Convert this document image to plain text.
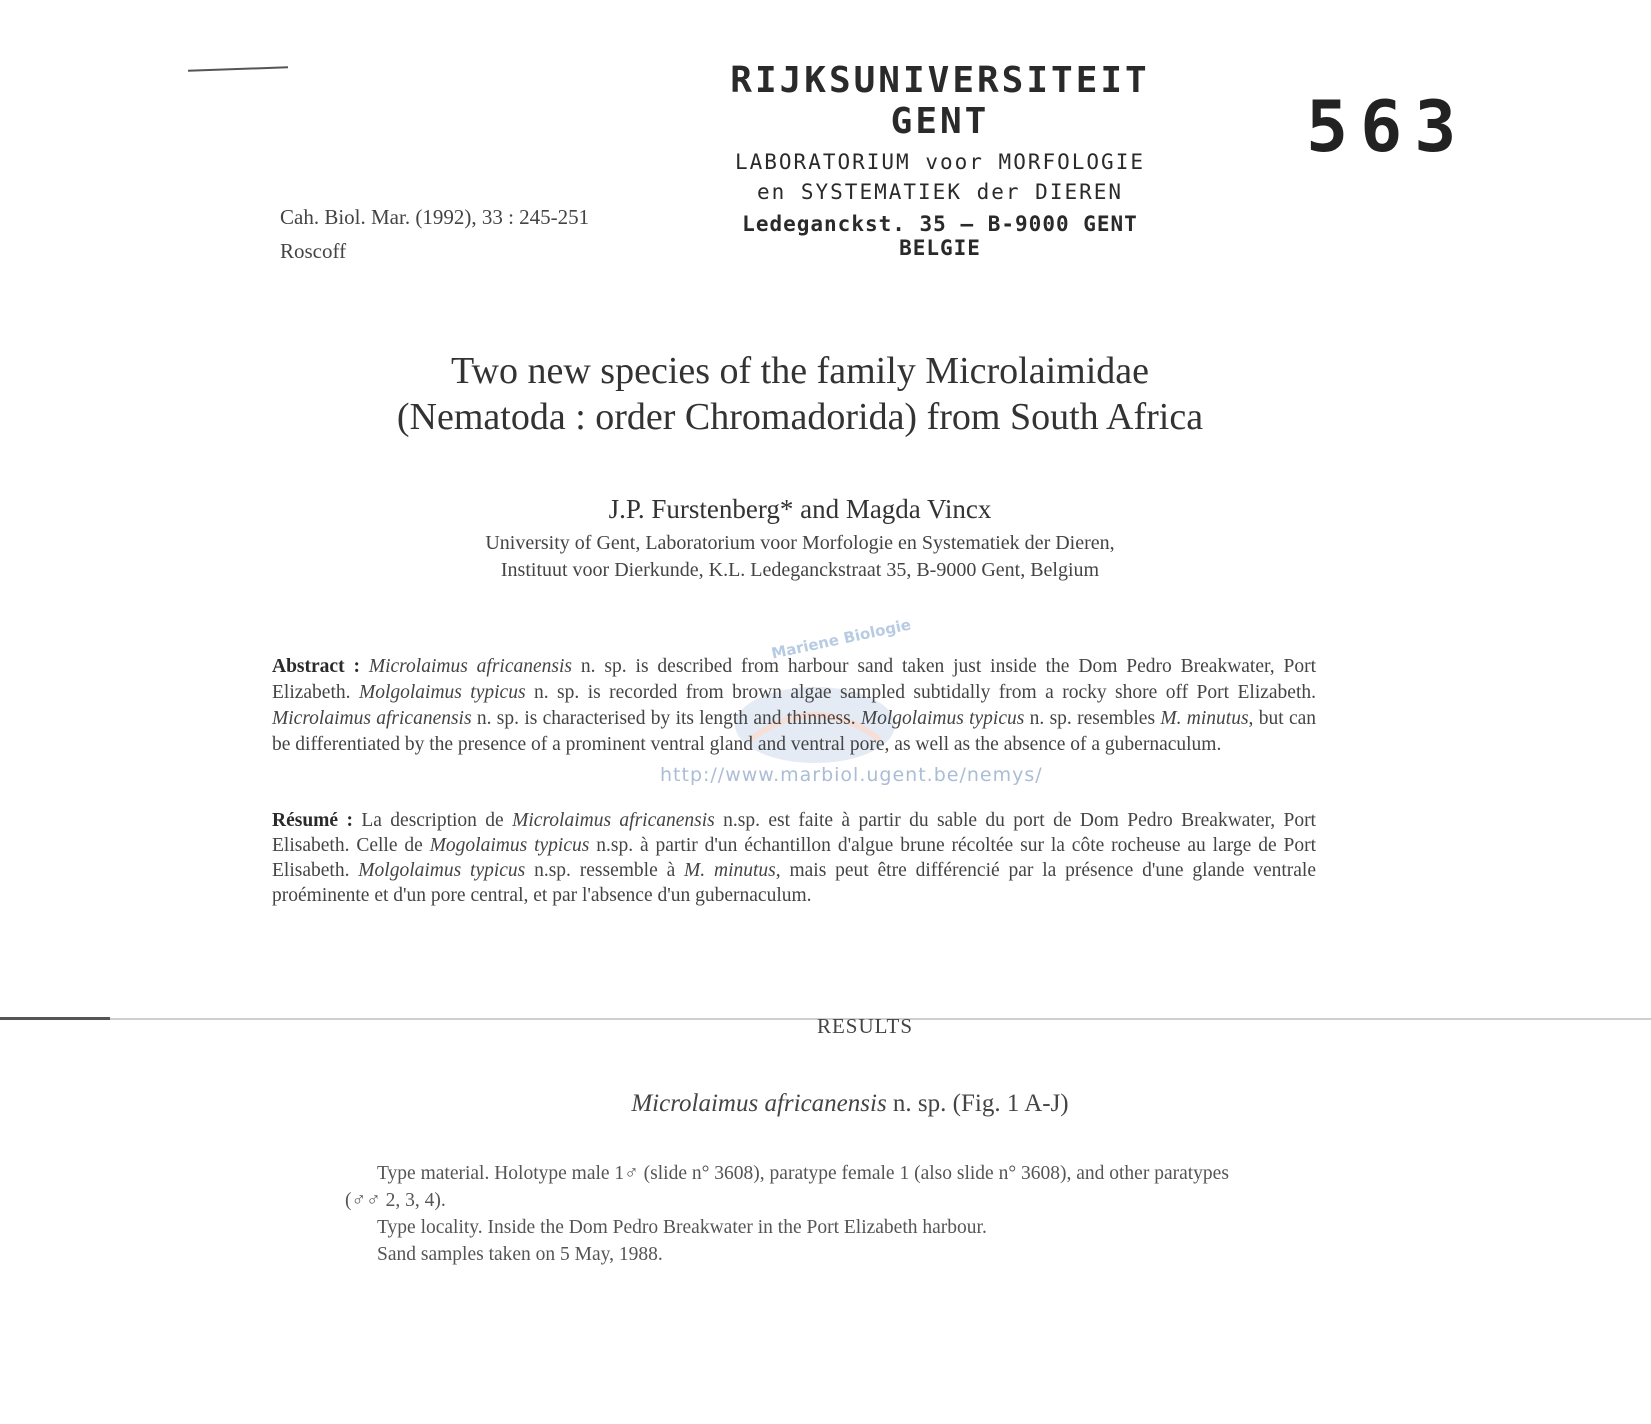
RIJKSUNIVERSITEIT GENT
LABORATORIUM voor MORFOLOGIE
en SYSTEMATIEK der DIEREN
Ledeganckst. 35 — B-9000 GENT BELGIE
563
Cah. Biol. Mar. (1992), 33 : 245-251
Roscoff
Two new species of the family Microlaimidae
(Nematoda : order Chromadorida) from South Africa
J.P. Furstenberg* and Magda Vincx
University of Gent, Laboratorium voor Morfologie en Systematiek der Dieren,
Instituut voor Dierkunde, K.L. Ledeganckstraat 35, B-9000 Gent, Belgium
Mariene Biologie
Abstract : Microlaimus africanensis n. sp. is described from harbour sand taken just inside the Dom Pedro Breakwater, Port Elizabeth. Molgolaimus typicus n. sp. is recorded from brown algae sampled subtidally from a rocky shore off Port Elizabeth. Microlaimus africanensis n. sp. is characterised by its length and thinness. Molgolaimus typicus n. sp. resembles M. minutus, but can be differentiated by the presence of a prominent ventral gland and ventral pore, as well as the absence of a gubernaculum.
http://www.marbiol.ugent.be/nemys/
Résumé : La description de Microlaimus africanensis n.sp. est faite à partir du sable du port de Dom Pedro Breakwater, Port Elisabeth. Celle de Mogolaimus typicus n.sp. à partir d'un échantillon d'algue brune récoltée sur la côte rocheuse au large de Port Elisabeth. Molgolaimus typicus n.sp. ressemble à M. minutus, mais peut être différencié par la présence d'une glande ventrale proéminente et d'un pore central, et par l'absence d'un gubernaculum.
RESULTS
Microlaimus africanensis n. sp. (Fig. 1 A-J)

Type material. Holotype male 1♂ (slide n° 3608), paratype female 1 (also slide n° 3608), and other paratypes

(♂♂ 2, 3, 4).

Type locality. Inside the Dom Pedro Breakwater in the Port Elizabeth harbour.

Sand samples taken on 5 May, 1988.
